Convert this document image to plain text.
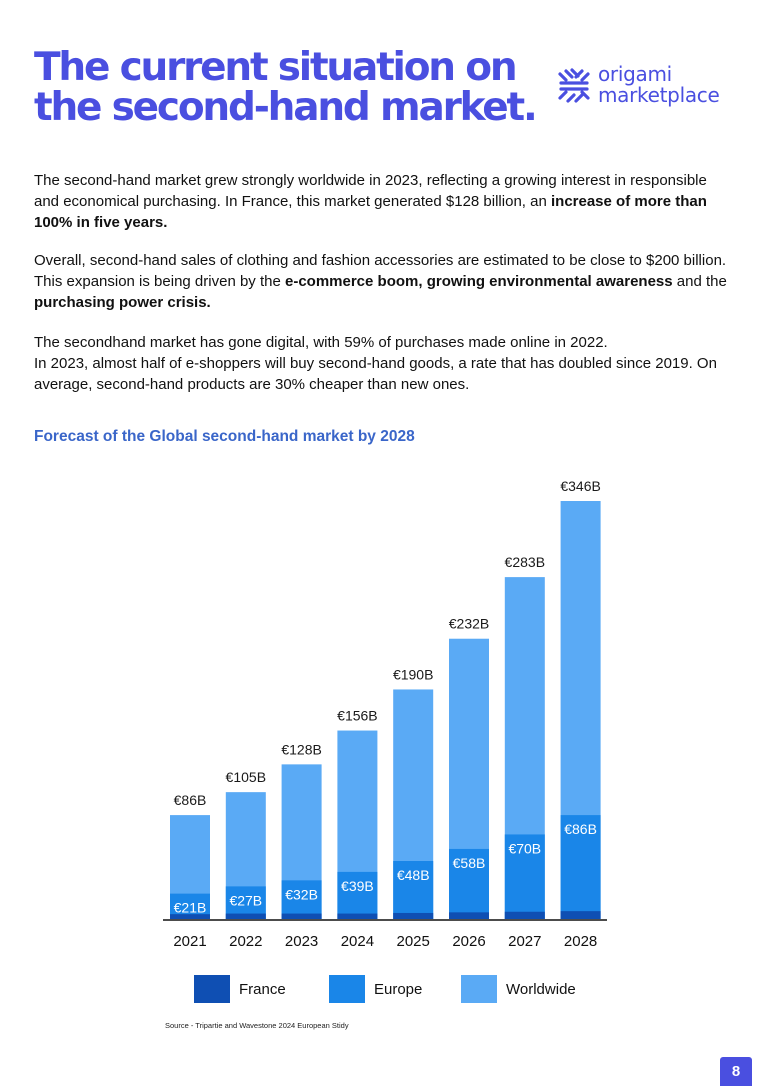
The current situation on the second-hand market.
origami
marketplace

The second-hand market grew strongly worldwide in 2023, reflecting a growing interest in responsible and economical purchasing. In France, this market generated $128 billion, an increase of more than 100% in five years.

Overall, second-hand sales of clothing and fashion accessories are estimated to be close to $200 billion. This expansion is being driven by the e-commerce boom, growing environmental awareness and the purchasing power crisis.

The secondhand market has gone digital, with 59% of purchases made online in 2022.
In 2023, almost half of e-shoppers will buy second-hand goods, a rate that has doubled since 2019. On average, second-hand products are 30% cheaper than new ones.

Forecast of the Global second-hand market by 2028
€86B
€21B
2021
€105B
€27B
2022
€128B
€32B
2023
€156B
€39B
2024
€190B
€48B
2025
€232B
€58B
2026
€283B
€70B
2027
€346B
€86B
2028
France	Europe	Worldwide
Source - Tripartie and Wavestone 2024 European Stidy
8
